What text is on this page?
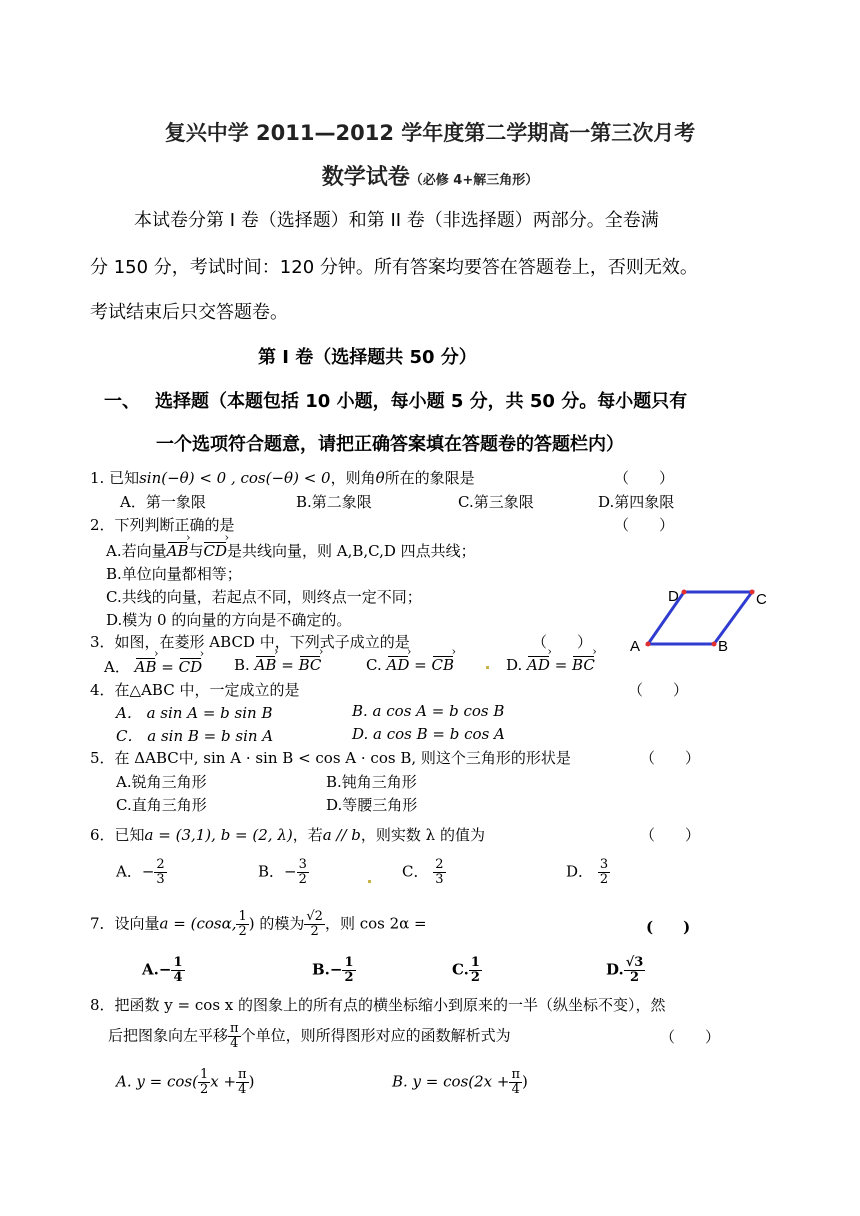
复兴中学 2011—2012 学年度第二学期高一第三次月考
数学试卷（必修 4+解三角形）
本试卷分第 Ⅰ 卷（选择题）和第 II 卷（非选择题）两部分。全卷满
分 150 分，考试时间：120 分钟。所有答案均要答在答题卷上，否则无效。
考试结束后只交答题卷。
第 Ⅰ 卷（选择题共 50 分）
一、 选择题（本题包括 10 小题，每小题 5 分，共 50 分。每小题只有
一个选项符合题意，请把正确答案填在答题卷的答题栏内）
1. 已知sin(−θ) < 0 , cos(−θ) < 0，则角θ所在的象限是	（　　）
A．第一象限	B.第二象限	C.第三象限	D.第四象限
2．下列判断正确的是	（　　）
A.若向量› AB与› CD是共线向量，则 A,B,C,D 四点共线；
B.单位向量都相等；
C.共线的向量，若起点不同，则终点一定不同；
D.模为 0 的向量的方向是不确定的。
A	B
C
D
3．如图，在菱形 ABCD 中，下列式子成立的是	（　　）
A． › AB = › CD B. › AB = › BC	C. › AD = › CB	D. › AD = › BC
4．在△ABC 中，一定成立的是	（　　）
A． a sin A = b sin B	B. a cos A = b cos B
C． a sin B = b sin A	D. a cos B = b cos A
5．在 ΔABC中, sin A · sin B < cos A · cos B, 则这个三角形的形状是	（　　）
A.锐角三角形	B.钝角三角形
C.直角三角形	D.等腰三角形
6．已知a = (3,1), b = (2, λ)，若a // b，则实数 λ 的值为	（　　）
A．− $\frac{2}{3}$	B．− $\frac{3}{2}$	C． $\frac{2}{3}$	D． $\frac{3}{2}$
7．设向量a = (cosα, $\frac{1}{2}$ ) 的模为 $\frac{√2}{2}$ ，则 cos 2α =	(　　)
$A.- \frac{1}{4}$	$B.- \frac{1}{2}$	C. $\frac{1}{2}$	D. $\frac{√3}{2}$
8．把函数 y = cos x 的图象上的所有点的横坐标缩小到原来的一半（纵坐标不变），然
后把图象向左平移 $\frac{\pi}{4}$ 个单位，则所得图形对应的函数解析式为	（　　）
A. $y = \cos( \frac{1}{2}$ $x + \frac{\pi}{4}$ )	B. $y = \cos(2x + \frac{\pi}{4}$ )
